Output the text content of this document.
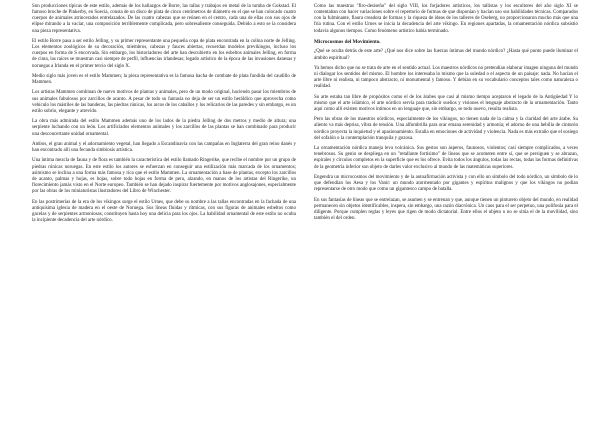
Son producciones típicas de este estilo, además de los hallazgos de Borre, las tallas y trabajos en metal de la tumba de Gokstad. El famoso broche de Pinkerby, en Suecia, consta de un disco de plata de cinco centímetros de diámetro en el que se han colocado cuatro cuerpos de animales atrincerados entrelazados. De las cuatro cabezas que se reúnen en el centro, cada una de ellas con sus ojos de elipse mirando a la vaciar, una composición terriblemente complicada, pero sobresaliente conseguida. Debido a esto se la considera una pieza representativa.

El estilo Borre pasa a ser estilo Jelling, y su primer representante una pequeña copa de plata encontrada en la colina norte de Jelling. Los elementos zoológicos de su decoración, miembros, cabezas y fauces abiertas, recuerdan modelos previkingos, incluso los cuerpos en forma de S encorvada. Sin embargo, los historiadores del arte han descubierto en los esbeltos animales Jelling, en forma de cinta, las raíces se muestran casi siempre de perfil, influencias irlandesas; legado artístico de la época de las invasiones danesas y noruegas a Irlanda en el primer tercio del siglo X.

Medio siglo más joven es el estilo Mammen; la pieza representativa es la famosa hacha de combate de plata fundida del caudillo de Mammen.

Los artistas Mammen combinan de nuevo motivos de plantas y animales, pero de un modo original, haciendo pasar los miembros de sus animales fabulosos por zarcillos de acanto. A pesar de todo su fantasía no deja de ser un estilo heráldico que aprovecha como vehículo los mástiles de las banderas, las piedras rúnicas, los arcos de los caballos y los relicarios de las paredes y sin embargo, es un estilo sobrio, elegante y atrevido.

La obra más admirada del estilo Mammen además uno de los lados de la piedra Jelling de dos metros y medio de altura; una serpiente luchando con un león. Los artificiados elementos animales y los zarcillos de las plantas se han combinado para producir una desconcertante unidad ornamental.

Ambos, el gran animal y el adornamiento vegetal, han llegado a Escandinavia con las campañas en Inglaterra del gran reino danés y han encontrado allí una fecunda simbiosis artística.

Una íntima mezcla de fauna y de flora es también la característica del estilo llamado Ringerike, que recibe el nombre por un grupo de piedras rúnicas noruegas. En este estilo los autores se esfuerzan en conseguir una estilización más marcada de los ornamentos; asimismo se inclina a una forma más famosa y rica que el estilo Mammen. La ornamentación a base de plantas, excepto los zarcillos de acanto, palmas y hojas, es hojas, sobre todo hojas en forma de pera, alzando, en manos de los artistas del Ringerike, un florecimiento jamás visto en el Norte europeo. También se han dejado inspirar fuertemente por motivos anglosajones, especialmente por las obras de los miniaturistas ilustradores del Libro de Winchester.

En las postrimerías de la era de los vikingos surge el estilo Urnes, que debe su nombre a las tallas encontradas en la fachada de una antiquísima iglesia de madera en el oeste de Noruega. Sus líneas fluidas y rítmicas, con sus figuras de animales esbeltos como gacelas y de serpientes armoniosas, constituyen hasta hoy una delicia para los ojos. La habilidad ornamental de este estilo no oculta la incipiente decadencia del arte nórdico.

Como las maestras "firo-desiseño" del siglo VIII, los forjadores artísticos, los tallistas y los escultores del año siglo XI se contentaban con hacer variaciones sobre el repertorio de formas de que disponían y hacían uso sus habilidades técnicas. Comparados con la fulminante, flaura creadora de formas y la riqueza de ideas de los talleres de Oseberg, no proporcionaron mucho más que una fría rutina. Con el estilo Urnes se inicia la decadencia del arte vikingo. En regiones apartadas, la ornamentación nórdica subsistió todavía algunos tiempos. Como fenómeno artístico había terminado.

Microcosmos del Movimiento.

¿Qué se oculta detrás de este arte? ¿Qué nos dice sobre las fuerzas íntimas del mundo nórdico? ¿Hasta qué punto puede iluminar el ámbito espiritual?

Ya hemos dicho que no se trata de arte en el sentido actual. Los maestros nórdicos no pretendían elaborar imagen ninguna del mundo ni dialogar los sentidos del mismo. El hombre los interesaba lo mismo que la soledad o el aspecto de un paisaje: nada. No hacían el arte libre ni realista, ni tampoco abstracto, ni monumental y famoso. Y debían en su vocabulario conceptos tales como naturaleza o realidad.

Su arte estaba tan libre de propósitos como el de los árabes que casi al mismo tiempo aceptaron el legado de la Antigüedad Y lo mismo que el arte islámico, el arte nórdico servía para traducir sueños y visiones el lenguaje abstracto de la ornamentación. Tanto aquí como allí existen motivos íntimos en un lenguaje que, sin embargo, se todo nuevo, resulta realista.

Pero las obras de los maestros nórdicos, especialmente de los vikingos, no tienen nada de la calma y la claridad del arte árabe. Su aliento va más deprisa, vibra de tensión. Una alfombrilla para orar emana serenidad y armonía; el adorno de una hebilla de cinturón nórdico proyecta la inquietud y el apasionamiento. Estalla en emociones de actividad y violencia. Nada es más extraño que el sosiego del sofalón o la contemplación tranquila y gozosa.

La ornamentación nórdica maneja leva volcánica. Sus gestos son ásperos, faunosos, violentos; casi siempre complicados, a veces tenebrosos. Su genio se despliega en un "retallante fortísimo" de líneas que se acometen entre sí, que se persiguen y se abrazan, espirales y círculos completos en la superficie que es los ofrece. Evita todos los ángulos, todas las rectas, todas las formas definitivas de la geometría inferior son objeto de darles valor exclusivo al mundo de las matemáticas superiores.

Engendra un microcosmos del movimiento y de la autoafirmación activista y con ello un símbolo del todo nórdico, un símbolo de lo que defendían los Aesa y los Vanir: un mundo atormentado por gigantes y espíritus malignos y que los vikingos no podían representarse de otro modo que como un gigantesco campo de batalla.

En sus fantasías de líneas que se entrelazan, se asumen y se entrenan y que, aunque tienen un pinturero objeto del mundo, en realidad permanecen sin objetos identificables, inspera, sin embargo, una razón diacrónica. Un caos para el ser perpetuo, una polifonía para el diligente. Porque cumplen reglas y leyes que rigen de modo dictatorial. Entre ellos el objeto o no se sitúa el de la movilidad, sino también el del orden.
